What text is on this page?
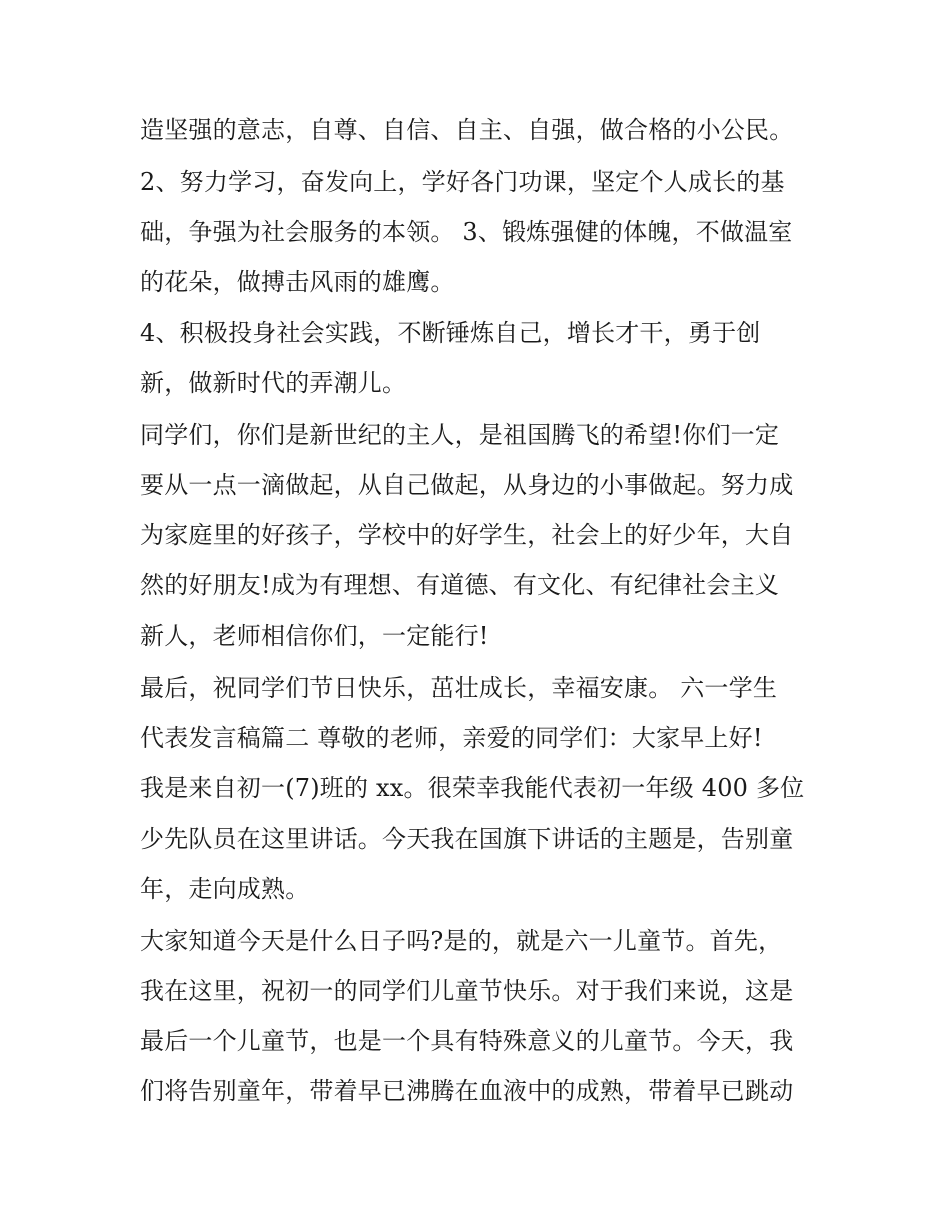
造坚强的意志，自尊、自信、自主、自强，做合格的小公民。
2、努力学习，奋发向上，学好各门功课，坚定个人成长的基
础，争强为社会服务的本领。 3、锻炼强健的体魄，不做温室
的花朵，做搏击风雨的雄鹰。
4、积极投身社会实践，不断锤炼自己，增长才干，勇于创
新，做新时代的弄潮儿。
同学们，你们是新世纪的主人，是祖国腾飞的希望!你们一定
要从一点一滴做起，从自己做起，从身边的小事做起。努力成
为家庭里的好孩子，学校中的好学生，社会上的好少年，大自
然的好朋友!成为有理想、有道德、有文化、有纪律社会主义
新人，老师相信你们，一定能行!
最后，祝同学们节日快乐，茁壮成长，幸福安康。 六一学生
代表发言稿篇二 尊敬的老师，亲爱的同学们：大家早上好!
我是来自初一(7)班的 xx。很荣幸我能代表初一年级 400 多位
少先队员在这里讲话。今天我在国旗下讲话的主题是，告别童
年，走向成熟。
大家知道今天是什么日子吗?是的，就是六一儿童节。首先，
我在这里，祝初一的同学们儿童节快乐。对于我们来说，这是
最后一个儿童节，也是一个具有特殊意义的儿童节。今天，我
们将告别童年，带着早已沸腾在血液中的成熟，带着早已跳动
